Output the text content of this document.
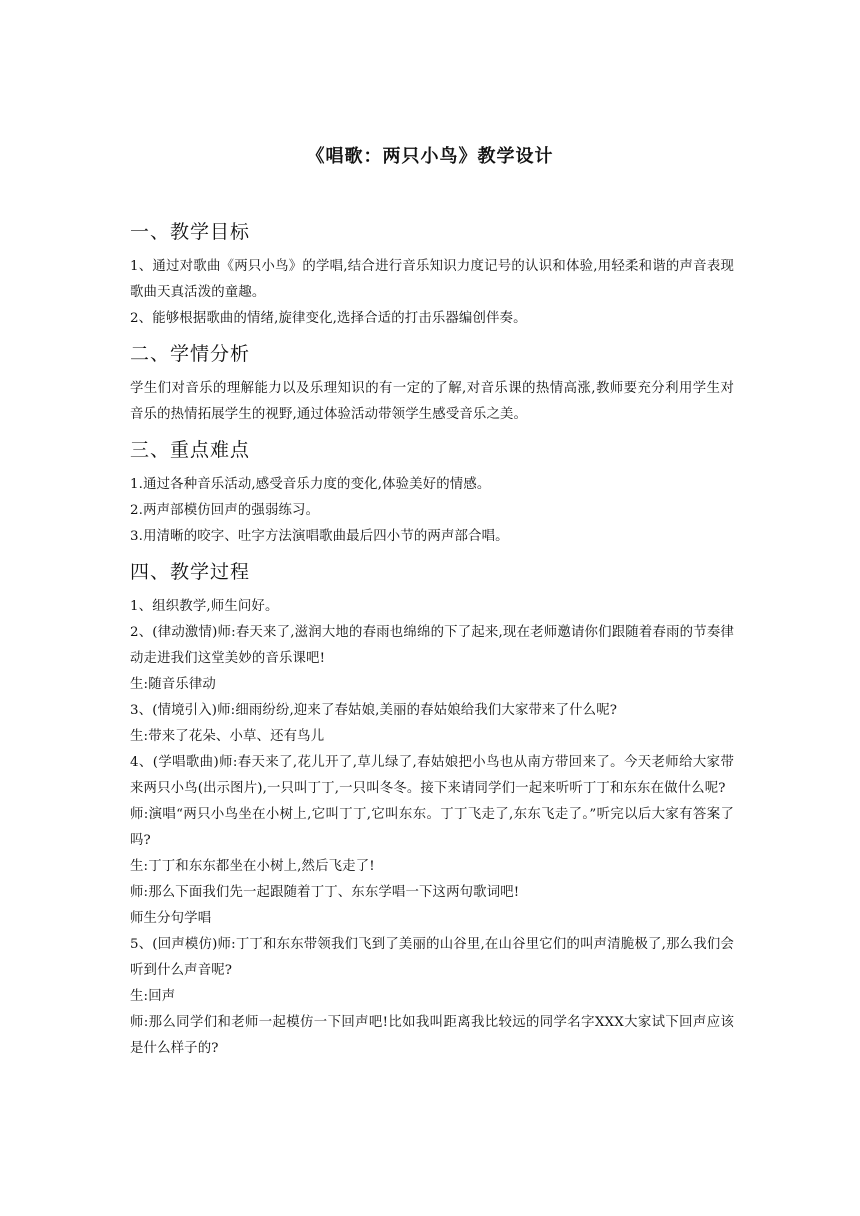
《唱歌：两只小鸟》教学设计
一、教学目标

1、通过对歌曲《两只小鸟》的学唱,结合进行音乐知识力度记号的认识和体验,用轻柔和谐的声音表现歌曲天真活泼的童趣。

2、能够根据歌曲的情绪,旋律变化,选择合适的打击乐器编创伴奏。

二、学情分析

学生们对音乐的理解能力以及乐理知识的有一定的了解,对音乐课的热情高涨,教师要充分利用学生对音乐的热情拓展学生的视野,通过体验活动带领学生感受音乐之美。

三、重点难点

1.通过各种音乐活动,感受音乐力度的变化,体验美好的情感。

2.两声部模仿回声的强弱练习。

3.用清晰的咬字、吐字方法演唱歌曲最后四小节的两声部合唱。

四、教学过程

1、组织教学,师生问好。

2、(律动激情)师:春天来了,滋润大地的春雨也绵绵的下了起来,现在老师邀请你们跟随着春雨的节奏律动走进我们这堂美妙的音乐课吧!

生:随音乐律动

3、(情境引入)师:细雨纷纷,迎来了春姑娘,美丽的春姑娘给我们大家带来了什么呢?

生:带来了花朵、小草、还有鸟儿

4、(学唱歌曲)师:春天来了,花儿开了,草儿绿了,春姑娘把小鸟也从南方带回来了。今天老师给大家带来两只小鸟(出示图片),一只叫丁丁,一只叫冬冬。接下来请同学们一起来听听丁丁和东东在做什么呢?

师:演唱“两只小鸟坐在小树上,它叫丁丁,它叫东东。丁丁飞走了,东东飞走了。”听完以后大家有答案了吗?

生:丁丁和东东都坐在小树上,然后飞走了!

师:那么下面我们先一起跟随着丁丁、东东学唱一下这两句歌词吧!

师生分句学唱

5、(回声模仿)师:丁丁和东东带领我们飞到了美丽的山谷里,在山谷里它们的叫声清脆极了,那么我们会听到什么声音呢?

生:回声

师:那么同学们和老师一起模仿一下回声吧!比如我叫距离我比较远的同学名字XXX大家试下回声应该是什么样子的?
